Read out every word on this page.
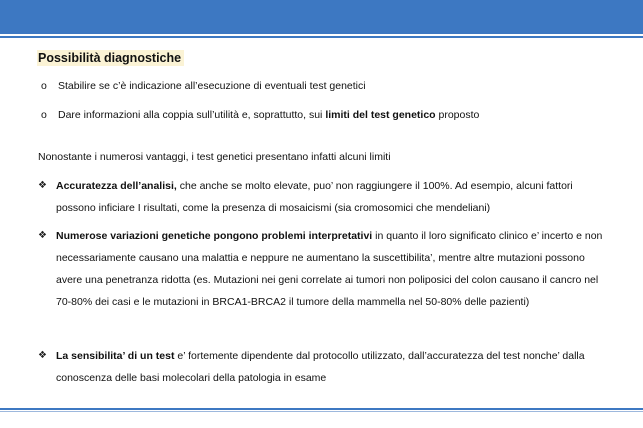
Possibilità diagnostiche
o Stabilire se c’è indicazione all’esecuzione di eventuali test genetici
o Dare informazioni alla coppia sull’utilità e, soprattutto, sui limiti del test genetico proposto
Nonostante i numerosi vantaggi, i test genetici presentano infatti alcuni limiti
❖ Accuratezza dell’analisi, che anche se molto elevate, puo’ non raggiungere il 100%. Ad esempio, alcuni fattori possono inficiare I risultati, come la presenza di mosaicismi (sia cromosomici che mendeliani)
❖ Numerose variazioni genetiche pongono problemi interpretativi in quanto il loro significato clinico e’ incerto e non necessariamente causano una malattia e neppure ne aumentano la suscettibilita’, mentre altre mutazioni possono avere una penetranza ridotta (es. Mutazioni nei geni correlate ai tumori non poliposici del colon causano il cancro nel 70-80% dei casi e le mutazioni in BRCA1-BRCA2 il tumore della mammella nel 50-80% delle pazienti)
❖ La sensibilita’ di un test e’ fortemente dipendente dal protocollo utilizzato, dall’accuratezza del test nonche’ dalla conoscenza delle basi molecolari della patologia in esame
